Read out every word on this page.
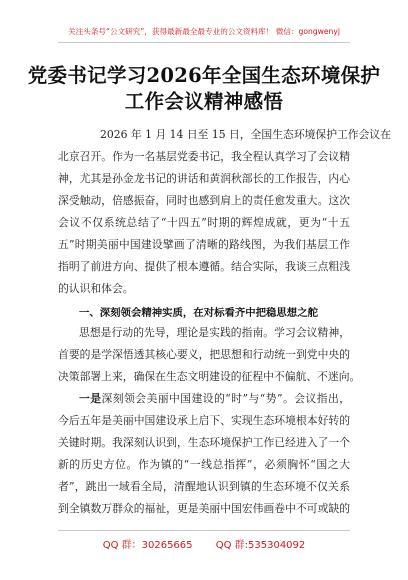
关注头条号“公文研究”，获得最新最全最专业的公文资料库！ 微信：gongwenyj
党委书记学习2026年全国生态环境保护
工作会议精神感悟
2026 年 1 月 14 日至 15 日，全国生态环境保护工作会议在
北京召开。作为一名基层党委书记，我全程认真学习了会议精
神，尤其是孙金龙书记的讲话和黄润秋部长的工作报告，内心
深受触动，倍感振奋，同时也感到肩上的责任愈发重大。这次
会议不仅系统总结了“十四五”时期的辉煌成就，更为“十五
五”时期美丽中国建设擘画了清晰的路线图，为我们基层工作
指明了前进方向、提供了根本遵循。结合实际，我谈三点粗浅
的认识和体会。
一、深刻领会精神实质，在对标看齐中把稳思想之舵
思想是行动的先导，理论是实践的指南。学习会议精神，
首要的是学深悟透其核心要义，把思想和行动统一到党中央的
决策部署上来，确保在生态文明建设的征程中不偏航、不迷向。
一是深刻领会美丽中国建设的“时”与“势”。会议指出，
今后五年是美丽中国建设承上启下、实现生态环境根本好转的
关键时期。我深刻认识到，生态环境保护工作已经进入了一个
新的历史方位。作为镇的“一线总指挥”，必须胸怀“国之大
者”，跳出一域看全局，清醒地认识到镇的生态环境不仅关系
到全镇数万群众的福祉，更是美丽中国宏伟画卷中不可或缺的
QQ 群：30265665 QQ 群:535304092
